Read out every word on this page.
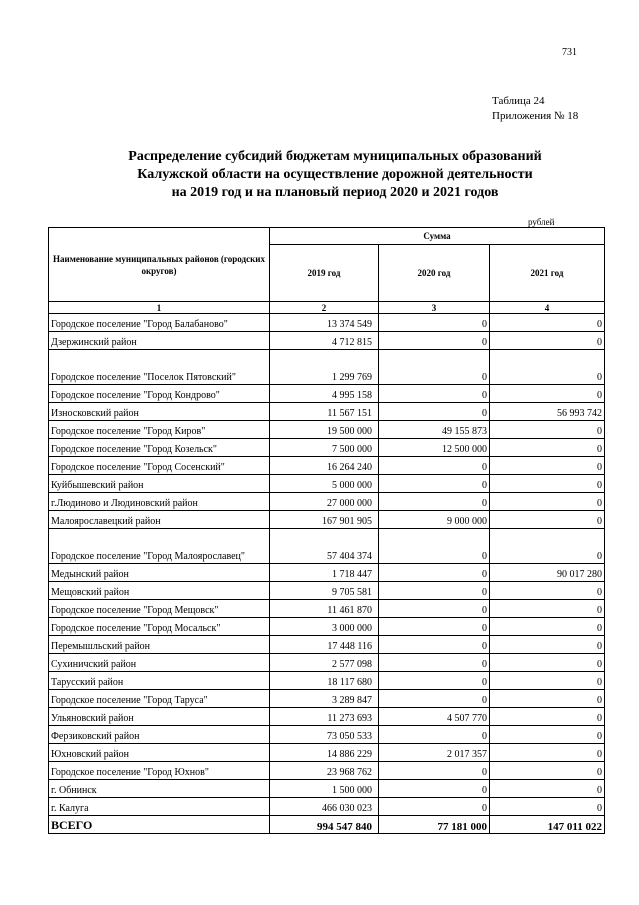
731
Таблица 24
Приложения № 18
Распределение субсидий бюджетам муниципальных образований
Калужской области на осуществление дорожной деятельности
на 2019 год и на плановый период 2020 и 2021 годов
рублей
Наименование муниципальных районов (городских округов)	Сумма		
	2019 год	2020 год	2021 год
1	2	3	4
Городское поселение "Город Балабаново"	13 374 549	0	0
Дзержинский район	4 712 815	0	0
Городское поселение "Поселок Пятовский"	1 299 769	0	0
Городское поселение "Город Кондрово"	4 995 158	0	0
Износковский район	11 567 151	0	56 993 742
Городское поселение "Город Киров"	19 500 000	49 155 873	0
Городское поселение "Город Козельск"	7 500 000	12 500 000	0
Городское поселение "Город Сосенский"	16 264 240	0	0
Куйбышевский район	5 000 000	0	0
г.Людиново и Людиновский район	27 000 000	0	0
Малоярославецкий район	167 901 905	9 000 000	0
Городское поселение "Город Малоярославец"	57 404 374	0	0
Медынский район	1 718 447	0	90 017 280
Мещовский район	9 705 581	0	0
Городское поселение "Город Мещовск"	11 461 870	0	0
Городское поселение "Город Мосальск"	3 000 000	0	0
Перемышльский район	17 448 116	0	0
Сухиничский район	2 577 098	0	0
Тарусский район	18 117 680	0	0
Городское поселение "Город Таруса"	3 289 847	0	0
Ульяновский район	11 273 693	4 507 770	0
Ферзиковский район	73 050 533	0	0
Юхновский район	14 886 229	2 017 357	0
Городское поселение "Город Юхнов"	23 968 762	0	0
г. Обнинск	1 500 000	0	0
г. Калуга	466 030 023	0	0
ВСЕГО	994 547 840	77 181 000	147 011 022
